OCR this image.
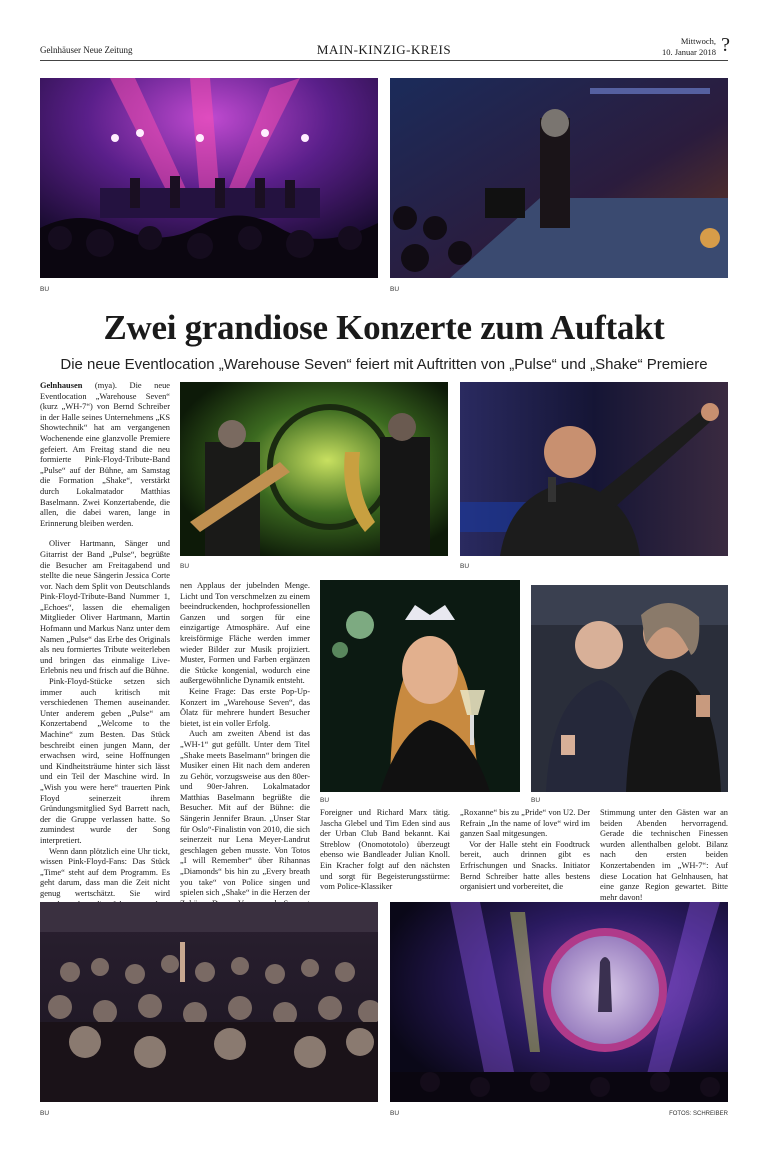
Gelnhäuser Neue Zeitung	MAIN-KINZIG-KREIS
Mittwoch,
10. Januar 2018 ?
BU	BU
Zwei grandiose Konzerte zum Auftakt
Die neue Eventlocation „Warehouse Seven“ feiert mit Auftritten von „Pulse“ und „Shake“ Premiere
BU	BU
BU	BU

Gelnhausen (mya). Die neue Eventlocation „Warehouse Seven“ (kurz „WH-7“) von Bernd Schreiber in der Halle seines Unternehmens „KS Showtechnik“ hat am vergangenen Wochenende eine glanzvolle Premiere gefeiert. Am Freitag stand die neu formierte Pink-Floyd-Tribute-Band „Pulse“ auf der Bühne, am Samstag die Formation „Shake“, verstärkt durch Lokalmatador Matthias Baselmann. Zwei Konzertabende, die allen, die dabei waren, lange in Erinnerung bleiben werden.

Oliver Hartmann, Sänger und Gitarrist der Band „Pulse“, begrüßte die Besucher am Freitagabend und stellte die neue Sängerin Jessica Corte vor. Nach dem Split von Deutschlands Pink-Floyd-Tribute-Band Nummer 1, „Echoes“, lassen die ehemaligen Mitglieder Oliver Hartmann, Martin Hofmann und Markus Nanz unter dem Namen „Pulse“ das Erbe des Originals als neu formiertes Tribute weiterleben und bringen das einmalige Live-Erlebnis neu und frisch auf die Bühne.

Pink-Floyd-Stücke setzen sich immer auch kritisch mit verschiedenen Themen auseinander. Unter anderem geben „Pulse“ am Konzertabend „Welcome to the Machine“ zum Besten. Das Stück beschreibt einen jungen Mann, der erwachsen wird, seine Hoffnungen und Kindheitsträume hinter sich lässt und ein Teil der Maschine wird. In „Wish you were here“ trauerten Pink Floyd seinerzeit ihrem Gründungsmitglied Syd Barrett nach, der die Gruppe verlassen hatte. So zumindest wurde der Song interpretiert.

Wenn dann plötzlich eine Uhr tickt, wissen Pink-Floyd-Fans: Das Stück „Time“ steht auf dem Programm. Es geht darum, dass man die Zeit nicht genug wertschätzt. Sie wird

nen Applaus der jubelnden Menge. Licht und Ton verschmelzen zu einem beeindruckenden, hochprofessionellen Ganzen und sorgen für eine einzigartige Atmosphäre. Auf eine kreisförmige Fläche werden immer wieder Bilder zur Musik projiziert. Muster, Formen und Farben ergänzen die Stücke kongenial, wodurch eine außergewöhnliche Dynamik entsteht.

Keine Frage: Das erste Pop-Up-Konzert im „Warehouse Seven“, das Ölatz für mehrere hundert Besucher bietet, ist ein voller Erfolg.

Auch am zweiten Abend ist das „WH-1“ gut gefüllt. Unter dem Titel „Shake meets Baselmann“ bringen die Musiker einen Hit nach dem anderen zu Gehör, vorzugsweise aus den 80er- und 90er-Jahren. Lokalmatador Matthias Baselmann begrüßte die Besucher. Mit auf der Bühne: die Sängerin Jennifer Braun. „Unser Star für Oslo“-Finalistin von 2010, die sich seinerzeit nur Lena Meyer-Landrut geschlagen geben musste. Von Totos „I will Remember“ über Rihannas „Diamonds“ bis hin zu „Every breath you take“ von Police singen und spielen sich „Shake“ in die Herzen der

Foreigner und Richard Marx tätig. Jascha Glebel und Tim Eden sind aus der Urban Club Band bekannt. Kai Streblow (Onomototolo) überzeugt ebenso wie Bandleader Julian Knoll. Ein Kracher folgt auf den nächsten und sorgt für Begeisterungsstürme: vom Police-Klassiker

„Roxanne“ bis zu „Pride“ von U2. Der Refrain „In the name of love“ wird im ganzen Saal mitgesungen.

Vor der Halle steht ein Foodtruck bereit, auch drinnen gibt es Erfrischungen und Snacks. Initiator Bernd Schreiber hatte alles bestens organisiert und vorbereitet, die

Stimmung unter den Gästen war an beiden Abenden hervorragend. Gerade die technischen Finessen wurden allenthalben gelobt. Bilanz nach den ersten beiden Konzertabenden im „WH-7“: Auf diese Location hat Gelnhausen, hat eine ganze Region gewartet. Bitte mehr davon!

BU	BU	FOTOS: SCHREIBER
